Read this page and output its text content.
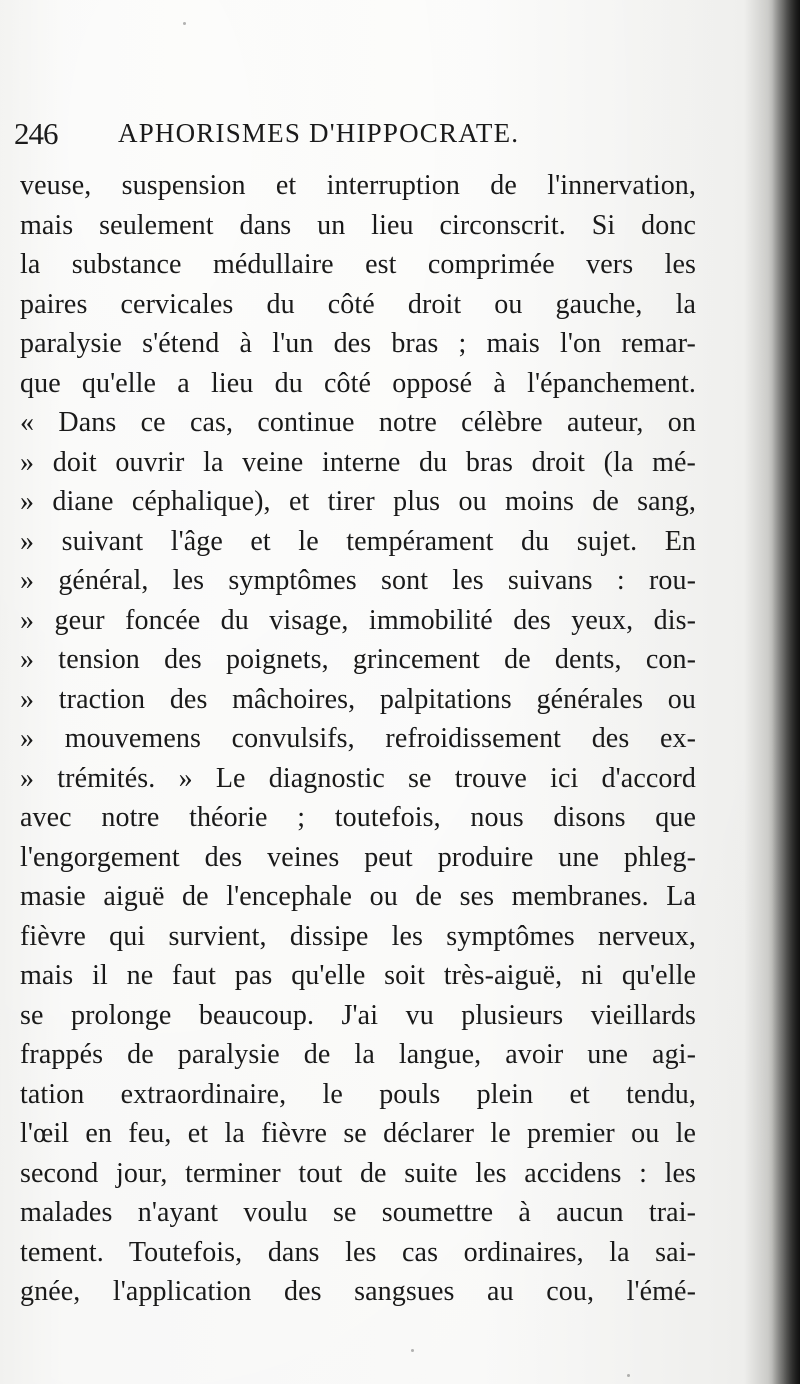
246 APHORISMES D'HIPPOCRATE.
veuse, suspension et interruption de l'innervation,
mais seulement dans un lieu circonscrit. Si donc
la substance médullaire est comprimée vers les
paires cervicales du côté droit ou gauche, la
paralysie s'étend à l'un des bras ; mais l'on remar-
que qu'elle a lieu du côté opposé à l'épanchement.
« Dans ce cas, continue notre célèbre auteur, on
» doit ouvrir la veine interne du bras droit (la mé-
» diane céphalique), et tirer plus ou moins de sang,
» suivant l'âge et le tempérament du sujet. En
» général, les symptômes sont les suivans : rou-
» geur foncée du visage, immobilité des yeux, dis-
» tension des poignets, grincement de dents, con-
» traction des mâchoires, palpitations générales ou
» mouvemens convulsifs, refroidissement des ex-
» trémités. » Le diagnostic se trouve ici d'accord
avec notre théorie ; toutefois, nous disons que
l'engorgement des veines peut produire une phleg-
masie aiguë de l'encephale ou de ses membranes. La
fièvre qui survient, dissipe les symptômes nerveux,
mais il ne faut pas qu'elle soit très-aiguë, ni qu'elle
se prolonge beaucoup. J'ai vu plusieurs vieillards
frappés de paralysie de la langue, avoir une agi-
tation extraordinaire, le pouls plein et tendu,
l'œil en feu, et la fièvre se déclarer le premier ou le
second jour, terminer tout de suite les accidens : les
malades n'ayant voulu se soumettre à aucun trai-
tement. Toutefois, dans les cas ordinaires, la sai-
gnée, l'application des sangsues au cou, l'émé-
